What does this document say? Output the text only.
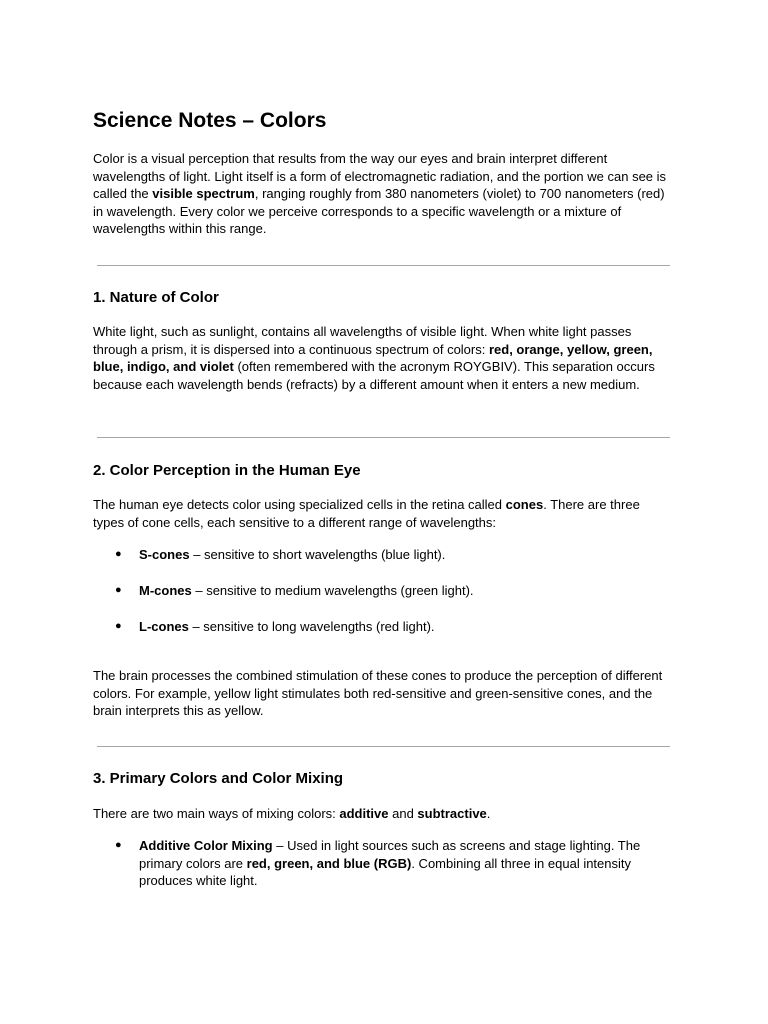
Science Notes – Colors

Color is a visual perception that results from the way our eyes and brain interpret different wavelengths of light. Light itself is a form of electromagnetic radiation, and the portion we can see is called the visible spectrum, ranging roughly from 380 nanometers (violet) to 700 nanometers (red) in wavelength. Every color we perceive corresponds to a specific wavelength or a mixture of wavelengths within this range.

1. Nature of Color

White light, such as sunlight, contains all wavelengths of visible light. When white light passes through a prism, it is dispersed into a continuous spectrum of colors: red, orange, yellow, green, blue, indigo, and violet (often remembered with the acronym ROYGBIV). This separation occurs because each wavelength bends (refracts) by a different amount when it enters a new medium.

2. Color Perception in the Human Eye

The human eye detects color using specialized cells in the retina called cones. There are three types of cone cells, each sensitive to a different range of wavelengths:

● S-cones – sensitive to short wavelengths (blue light).
● M-cones – sensitive to medium wavelengths (green light).
● L-cones – sensitive to long wavelengths (red light).

The brain processes the combined stimulation of these cones to produce the perception of different colors. For example, yellow light stimulates both red-sensitive and green-sensitive cones, and the brain interprets this as yellow.

3. Primary Colors and Color Mixing

There are two main ways of mixing colors: additive and subtractive.

● Additive Color Mixing – Used in light sources such as screens and stage lighting. The primary colors are red, green, and blue (RGB). Combining all three in equal intensity produces white light.
